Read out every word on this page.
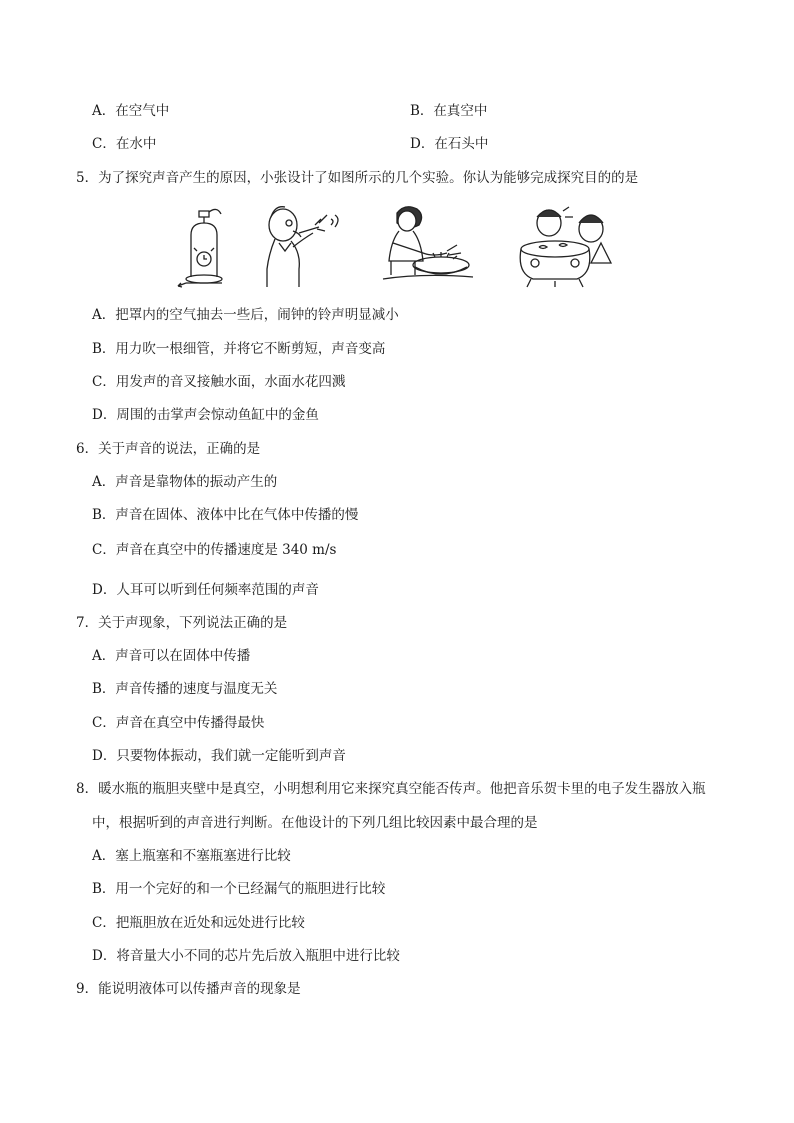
A．在空气中	B．在真空中
C．在水中	D．在石头中
5．为了探究声音产生的原因，小张设计了如图所示的几个实验。你认为能够完成探究目的的是
A．把罩内的空气抽去一些后，闹钟的铃声明显减小
B．用力吹一根细管，并将它不断剪短，声音变高
C．用发声的音叉接触水面，水面水花四溅
D．周围的击掌声会惊动鱼缸中的金鱼
6．关于声音的说法，正确的是
A．声音是靠物体的振动产生的
B．声音在固体、液体中比在气体中传播的慢
C．声音在真空中的传播速度是 340 m/s
D．人耳可以听到任何频率范围的声音
7．关于声现象，下列说法正确的是
A．声音可以在固体中传播
B．声音传播的速度与温度无关
C．声音在真空中传播得最快
D．只要物体振动，我们就一定能听到声音
8．暖水瓶的瓶胆夹壁中是真空，小明想利用它来探究真空能否传声。他把音乐贺卡里的电子发生器放入瓶
中，根据听到的声音进行判断。在他设计的下列几组比较因素中最合理的是
A．塞上瓶塞和不塞瓶塞进行比较
B．用一个完好的和一个已经漏气的瓶胆进行比较
C．把瓶胆放在近处和远处进行比较
D．将音量大小不同的芯片先后放入瓶胆中进行比较
9．能说明液体可以传播声音的现象是
